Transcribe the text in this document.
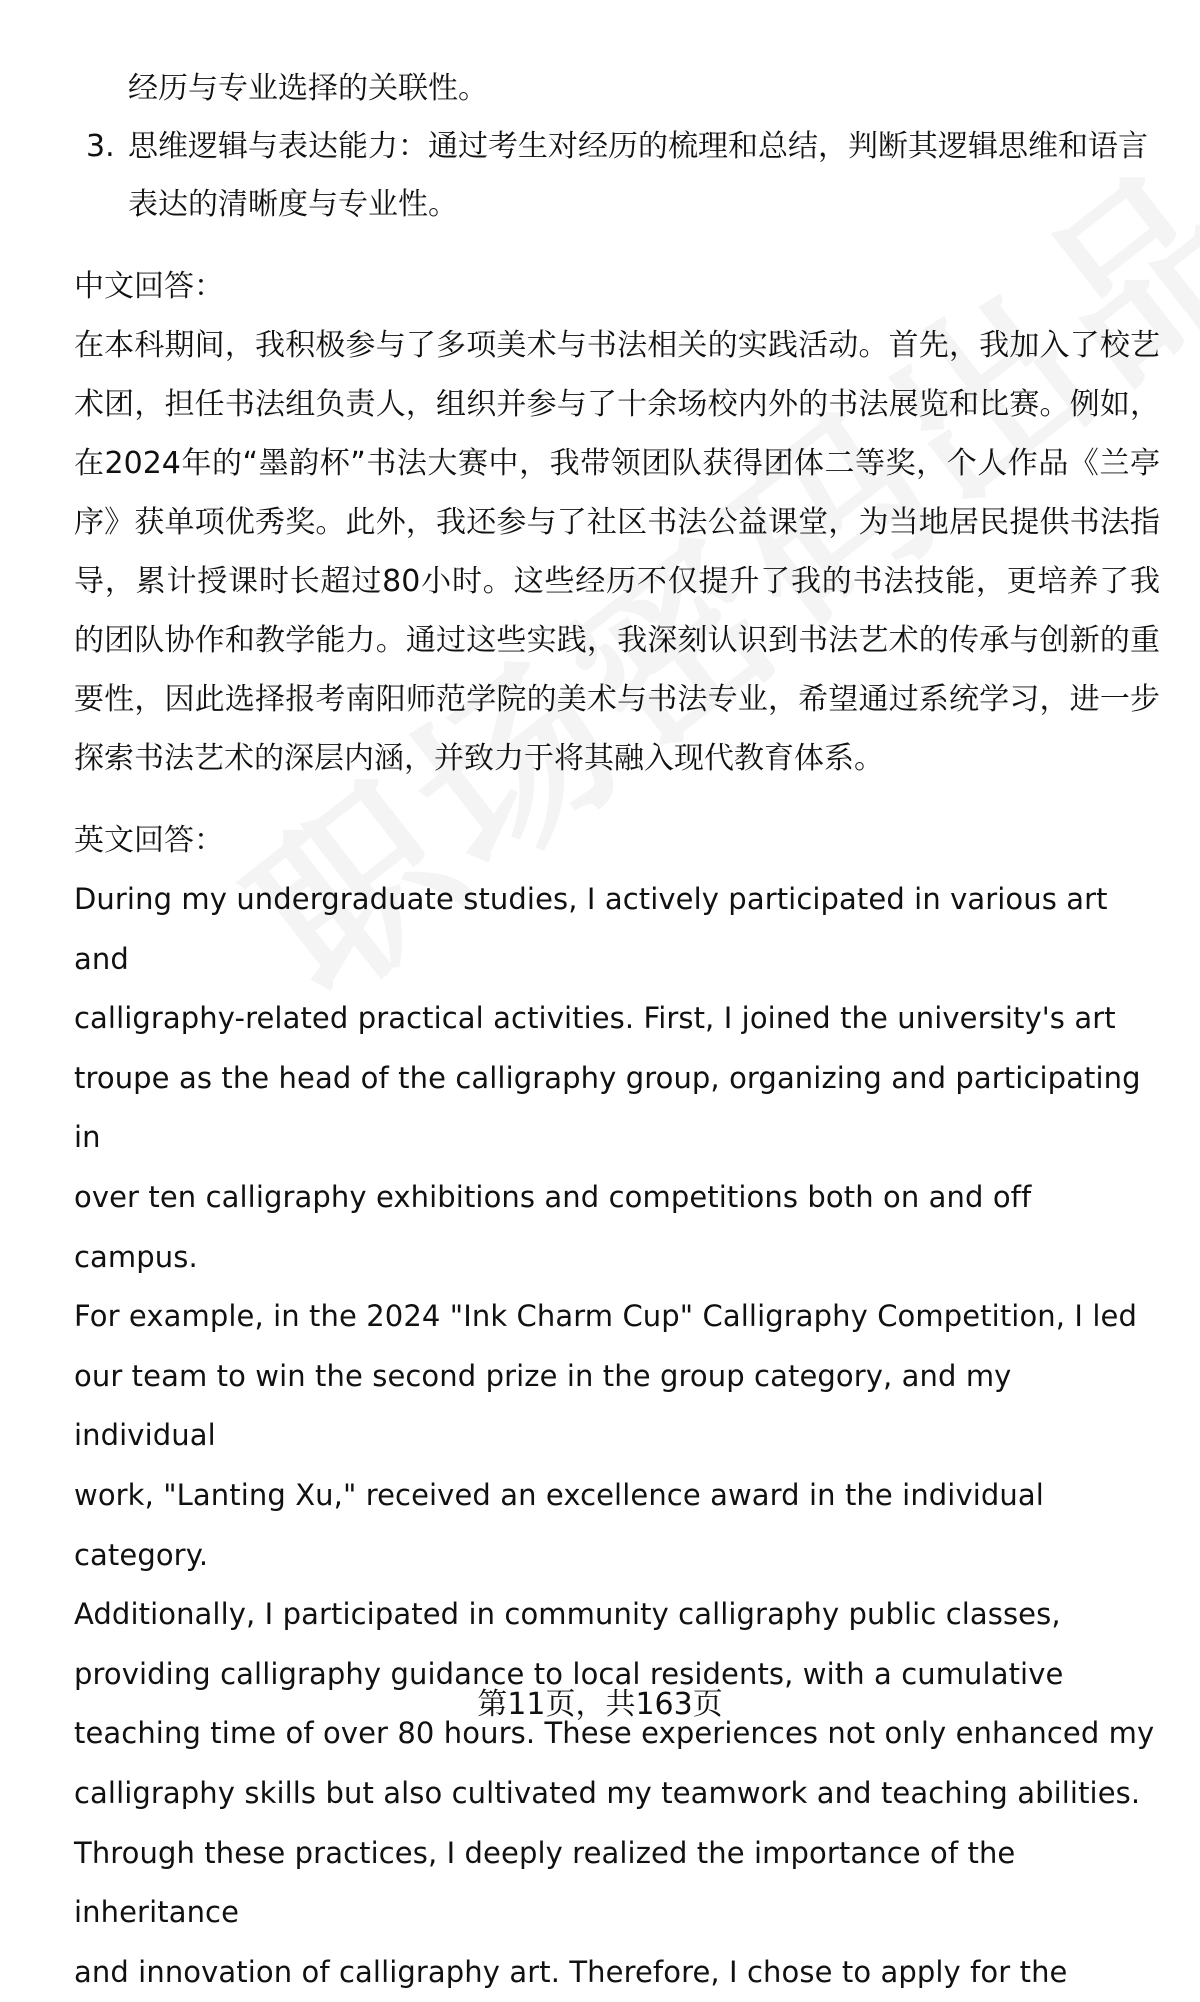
经历与专业选择的关联性。

3. 思维逻辑与表达能力：通过考生对经历的梳理和总结，判断其逻辑思维和语言表达的清晰度与专业性。

中文回答：

在本科期间，我积极参与了多项美术与书法相关的实践活动。首先，我加入了校艺术团，担任书法组负责人，组织并参与了十余场校内外的书法展览和比赛。例如，在2024年的“墨韵杯”书法大赛中，我带领团队获得团体二等奖，个人作品《兰亭序》获单项优秀奖。此外，我还参与了社区书法公益课堂，为当地居民提供书法指导，累计授课时长超过80小时。这些经历不仅提升了我的书法技能，更培养了我的团队协作和教学能力。通过这些实践，我深刻认识到书法艺术的传承与创新的重要性，因此选择报考南阳师范学院的美术与书法专业，希望通过系统学习，进一步探索书法艺术的深层内涵，并致力于将其融入现代教育体系。

英文回答：

During my undergraduate studies, I actively participated in various art and
calligraphy-related practical activities. First, I joined the university's art
troupe as the head of the calligraphy group, organizing and participating in
over ten calligraphy exhibitions and competitions both on and off campus.
For example, in the 2024 "Ink Charm Cup" Calligraphy Competition, I led
our team to win the second prize in the group category, and my individual
work, "Lanting Xu," received an excellence award in the individual category.
Additionally, I participated in community calligraphy public classes,
providing calligraphy guidance to local residents, with a cumulative
teaching time of over 80 hours. These experiences not only enhanced my
calligraphy skills but also cultivated my teamwork and teaching abilities.
Through these practices, I deeply realized the importance of the inheritance
and innovation of calligraphy art. Therefore, I chose to apply for the
第11页，共163页
